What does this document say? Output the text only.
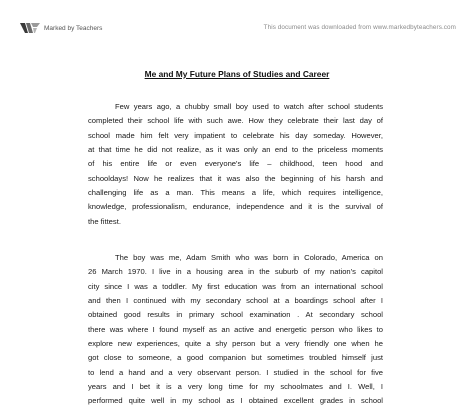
Marked by Teachers	This document was downloaded from www.markedbyteachers.com
Me and My Future Plans of Studies and Career
Few years ago, a chubby small boy used to watch after school students
completed their school life with such awe. How they celebrate their last day of
school made him felt very impatient to celebrate his day someday. However,
at that time he did not realize, as it was only an end to the priceless moments
of his entire life or even everyone's life – childhood, teen hood and
schooldays! Now he realizes that it was also the beginning of his harsh and
challenging life as a man. This means a life, which requires intelligence,
knowledge, professionalism, endurance, independence and it is the survival of
the fittest.
The boy was me, Adam Smith who was born in Colorado, America on
26 March 1970. I live in a housing area in the suburb of my nation's capitol
city since I was a toddler. My first education was from an international school
and then I continued with my secondary school at a boardings school after I
obtained good results in primary school examination . At secondary school
there was where I found myself as an active and energetic person who likes to
explore new experiences, quite a shy person but a very friendly one when he
got close to someone, a good companion but sometimes troubled himself just
to lend a hand and a very observant person. I studied in the school for five
years and I bet it is a very long time for my schoolmates and I. Well, I
performed quite well in my school as I obtained excellent grades in school
